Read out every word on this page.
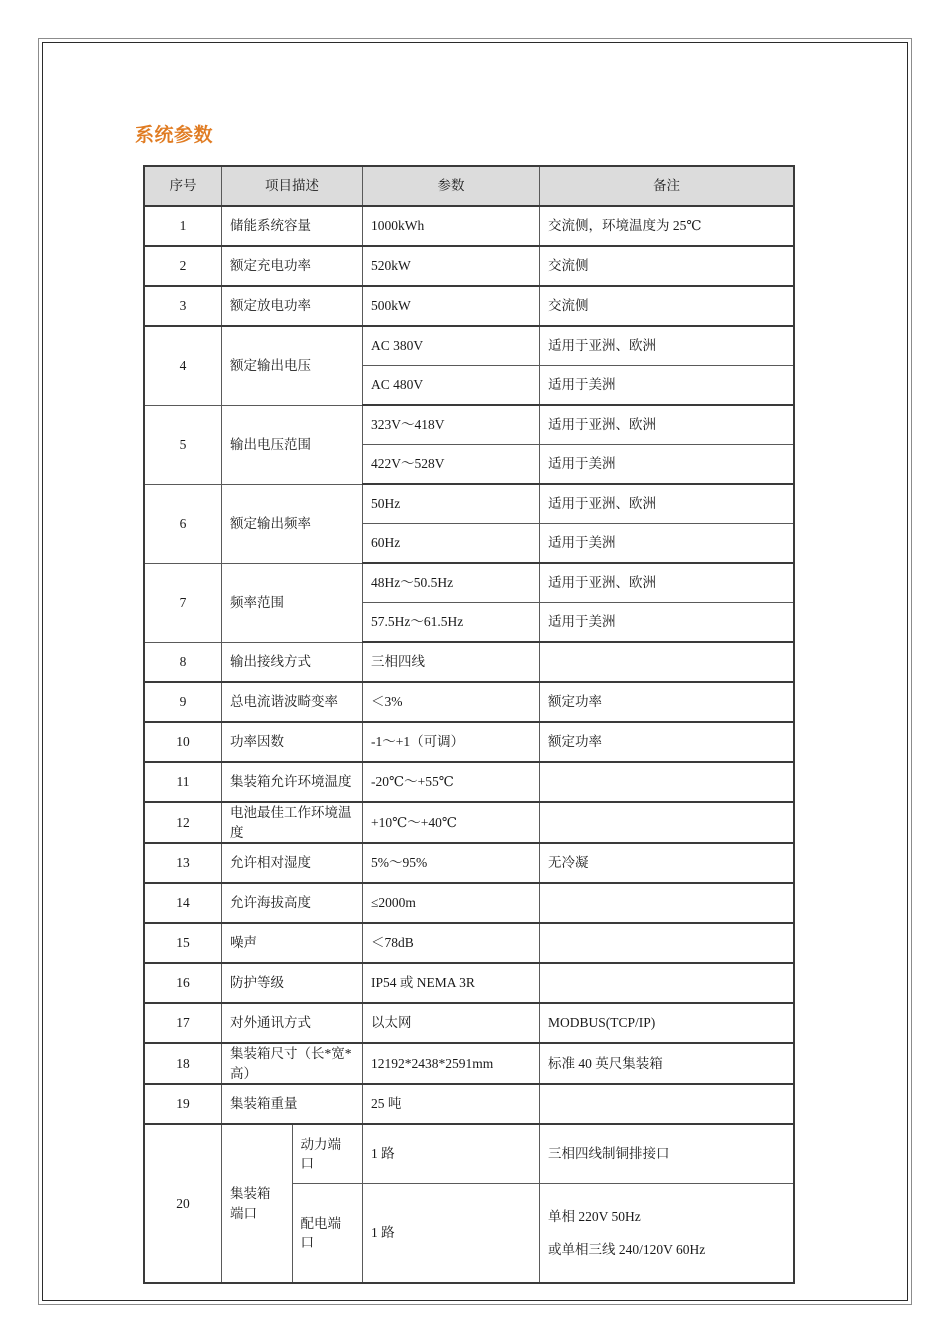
系统参数
序号	项目描述		参数	备注
1	储能系统容量		1000kWh	交流侧，环境温度为 25℃
2	额定充电功率		520kW	交流侧
3	额定放电功率		500kW	交流侧
4	额定输出电压		AC 380V	适用于亚洲、欧洲
			AC 480V	适用于美洲
5	输出电压范围		323V～418V	适用于亚洲、欧洲
			422V～528V	适用于美洲
6	额定输出频率		50Hz	适用于亚洲、欧洲
			60Hz	适用于美洲
7	频率范围		48Hz～50.5Hz	适用于亚洲、欧洲
			57.5Hz～61.5Hz	适用于美洲
8	输出接线方式		三相四线	
9	总电流谐波畸变率		＜3%	额定功率
10	功率因数		-1～+1（可调）	额定功率
11	集装箱允许环境温度		-20℃～+55℃	
12	电池最佳工作环境温度		+10℃～+40℃	
13	允许相对湿度		5%～95%	无冷凝
14	允许海拔高度		≤2000m	
15	噪声		＜78dB	
16	防护等级		IP54 或 NEMA 3R	
17	对外通讯方式		以太网	MODBUS(TCP/IP)
18	集装箱尺寸（长*宽*高）		12192*2438*2591mm	标准 40 英尺集装箱
19	集装箱重量		25 吨	
20	集装箱端口	动力端口	1 路	三相四线制铜排接口
		配电端口	1 路	单相 220V 50Hz
或单相三线 240/120V 60Hz
